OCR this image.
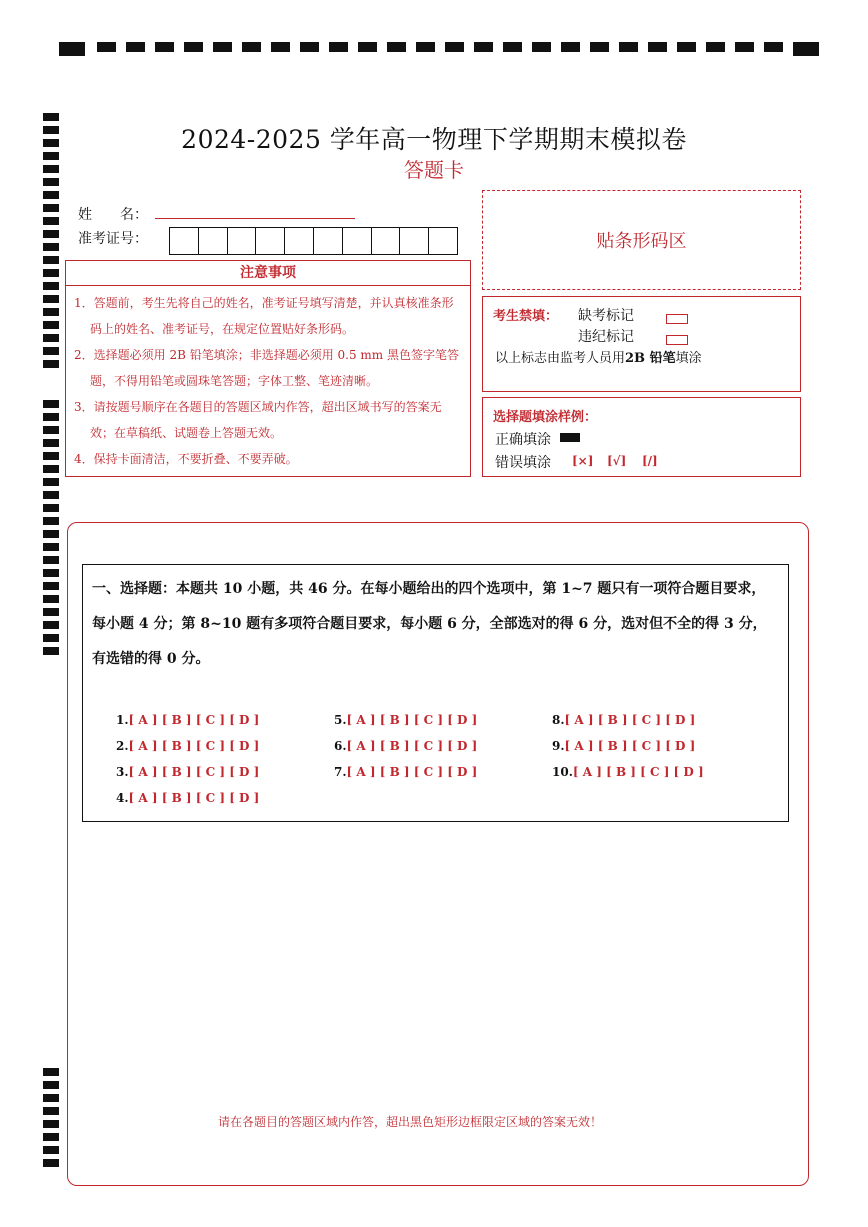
2024-2025 学年高一物理下学期期末模拟卷
答题卡
姓　　名：
准考证号：
注意事项
1．答题前，考生先将自己的姓名，准考证号填写清楚，并认真核准条形码上的姓名、准考证号，在规定位置贴好条形码。
2．选择题必须用 2B 铅笔填涂；非选择题必须用 0.5 mm 黑色签字笔答题，不得用铅笔或圆珠笔答题；字体工整、笔迹清晰。
3．请按题号顺序在各题目的答题区域内作答，超出区域书写的答案无效；在草稿纸、试题卷上答题无效。
4．保持卡面清洁，不要折叠、不要弄破。
贴条形码区
考生禁填： 缺考标记
违纪标记
以上标志由监考人员用2B 铅笔填涂
选择题填涂样例：
正确填涂
错误填涂 [×] [√] [/]
一、选择题：本题共 10 小题，共 46 分。在每小题给出的四个选项中，第 1~7 题只有一项符合题目要求，
每小题 4 分；第 8~10 题有多项符合题目要求，每小题 6 分，全部选对的得 6 分，选对但不全的得 3 分，
有选错的得 0 分。
1.[ A ] [ B ] [ C ] [ D ]
2.[ A ] [ B ] [ C ] [ D ]
3.[ A ] [ B ] [ C ] [ D ]
4.[ A ] [ B ] [ C ] [ D ]
5.[ A ] [ B ] [ C ] [ D ]
6.[ A ] [ B ] [ C ] [ D ]
7.[ A ] [ B ] [ C ] [ D ]
8.[ A ] [ B ] [ C ] [ D ]
9.[ A ] [ B ] [ C ] [ D ]
10.[ A ] [ B ] [ C ] [ D ]
请在各题目的答题区域内作答，超出黑色矩形边框限定区域的答案无效！
